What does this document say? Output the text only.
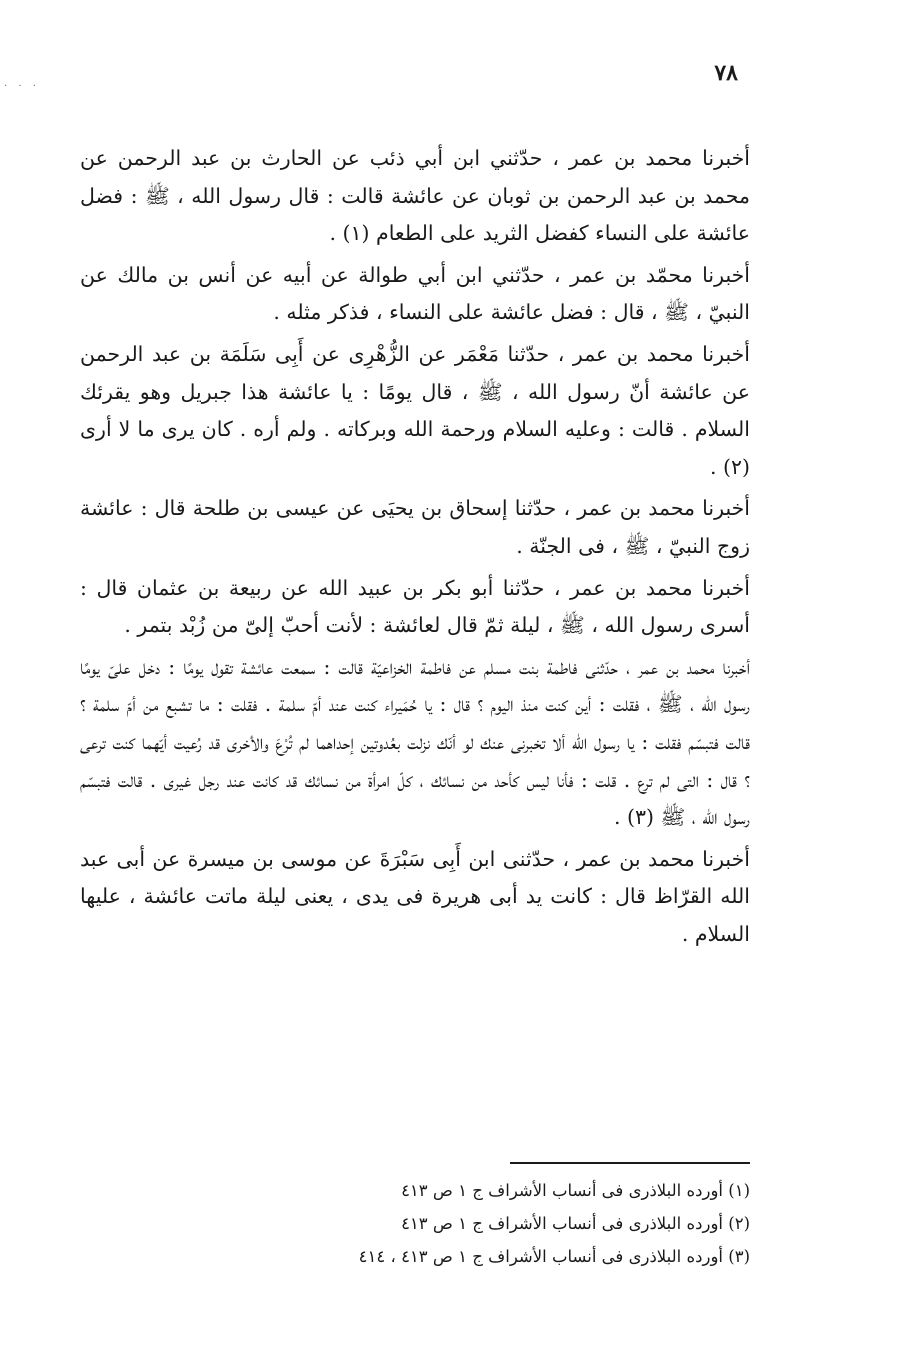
. . .	٧٨

أخبرنا محمد بن عمر ، حدّثني ابن أبي ذئب عن الحارث بن عبد الرحمن عن محمد بن عبد الرحمن بن ثوبان عن عائشة قالت : قال رسول الله ، ﷺ : فضل عائشة على النساء كفضل الثريد على الطعام (١) .

أخبرنا محمّد بن عمر ، حدّثني ابن أبي طوالة عن أبيه عن أنس بن مالك عن النبيّ ، ﷺ ، قال : فضل عائشة على النساء ، فذكر مثله .

أخبرنا محمد بن عمر ، حدّثنا مَعْمَر عن الزُّهْرِى عن أَبِى سَلَمَة بن عبد الرحمن عن عائشة أنّ رسول الله ، ﷺ ، قال يومًا : يا عائشة هذا جبريل وهو يقرئك السلام . قالت : وعليه السلام ورحمة الله وبركاته . ولم أره . كان يرى ما لا أرى (٢) .

أخبرنا محمد بن عمر ، حدّثنا إسحاق بن يحيَى عن عيسى بن طلحة قال : عائشة زوج النبيّ ، ﷺ ، فى الجنّة .

أخبرنا محمد بن عمر ، حدّثنا أبو بكر بن عبيد الله عن ربيعة بن عثمان قال : أسرى رسول الله ، ﷺ ، ليلة ثمّ قال لعائشة : لأنت أحبّ إلىّ من زُبْد بتمر .

أخبرنا محمد بن عمر ، حدّثنى فاطمة بنت مسلم عن فاطمة الخزاعيّة قالت : سمعت عائشة تقول يومًا : دخل علىّ يومًا رسول الله ، ﷺ ، فقلت : أين كنت منذ اليوم ؟ قال : يا حُمَيراء كنت عند أمّ سلمة . فقلت : ما تشبع من أمّ سلمة ؟ قالت فتبسّم فقلت : يا رسول الله ألا تخبرنى عنك لو أنّك نزلت بعُدوتين إحداهما لم تُرْعَ والأخرى قد رُعيت أيّهما كنت ترعى ؟ قال : التى لم ترع . قلت : فأنا ليس كأحد من نسائك ، كلّ امرأة من نسائك قد كانت عند رجل غيرى . قالت فتبسّم رسول الله ، ﷺ (٣) .

أخبرنا محمد بن عمر ، حدّثنى ابن أَبِى سَبْرَةَ عن موسى بن ميسرة عن أبى عبد الله القرّاظ قال : كانت يد أبى هريرة فى يدى ، يعنى ليلة ماتت عائشة ، عليها السلام .

(١) أورده البلاذرى فى أنساب الأشراف ج ١ ص ٤١٣
(٢) أورده البلاذرى فى أنساب الأشراف ج ١ ص ٤١٣
(٣) أورده البلاذرى فى أنساب الأشراف ج ١ ص ٤١٣ ، ٤١٤
